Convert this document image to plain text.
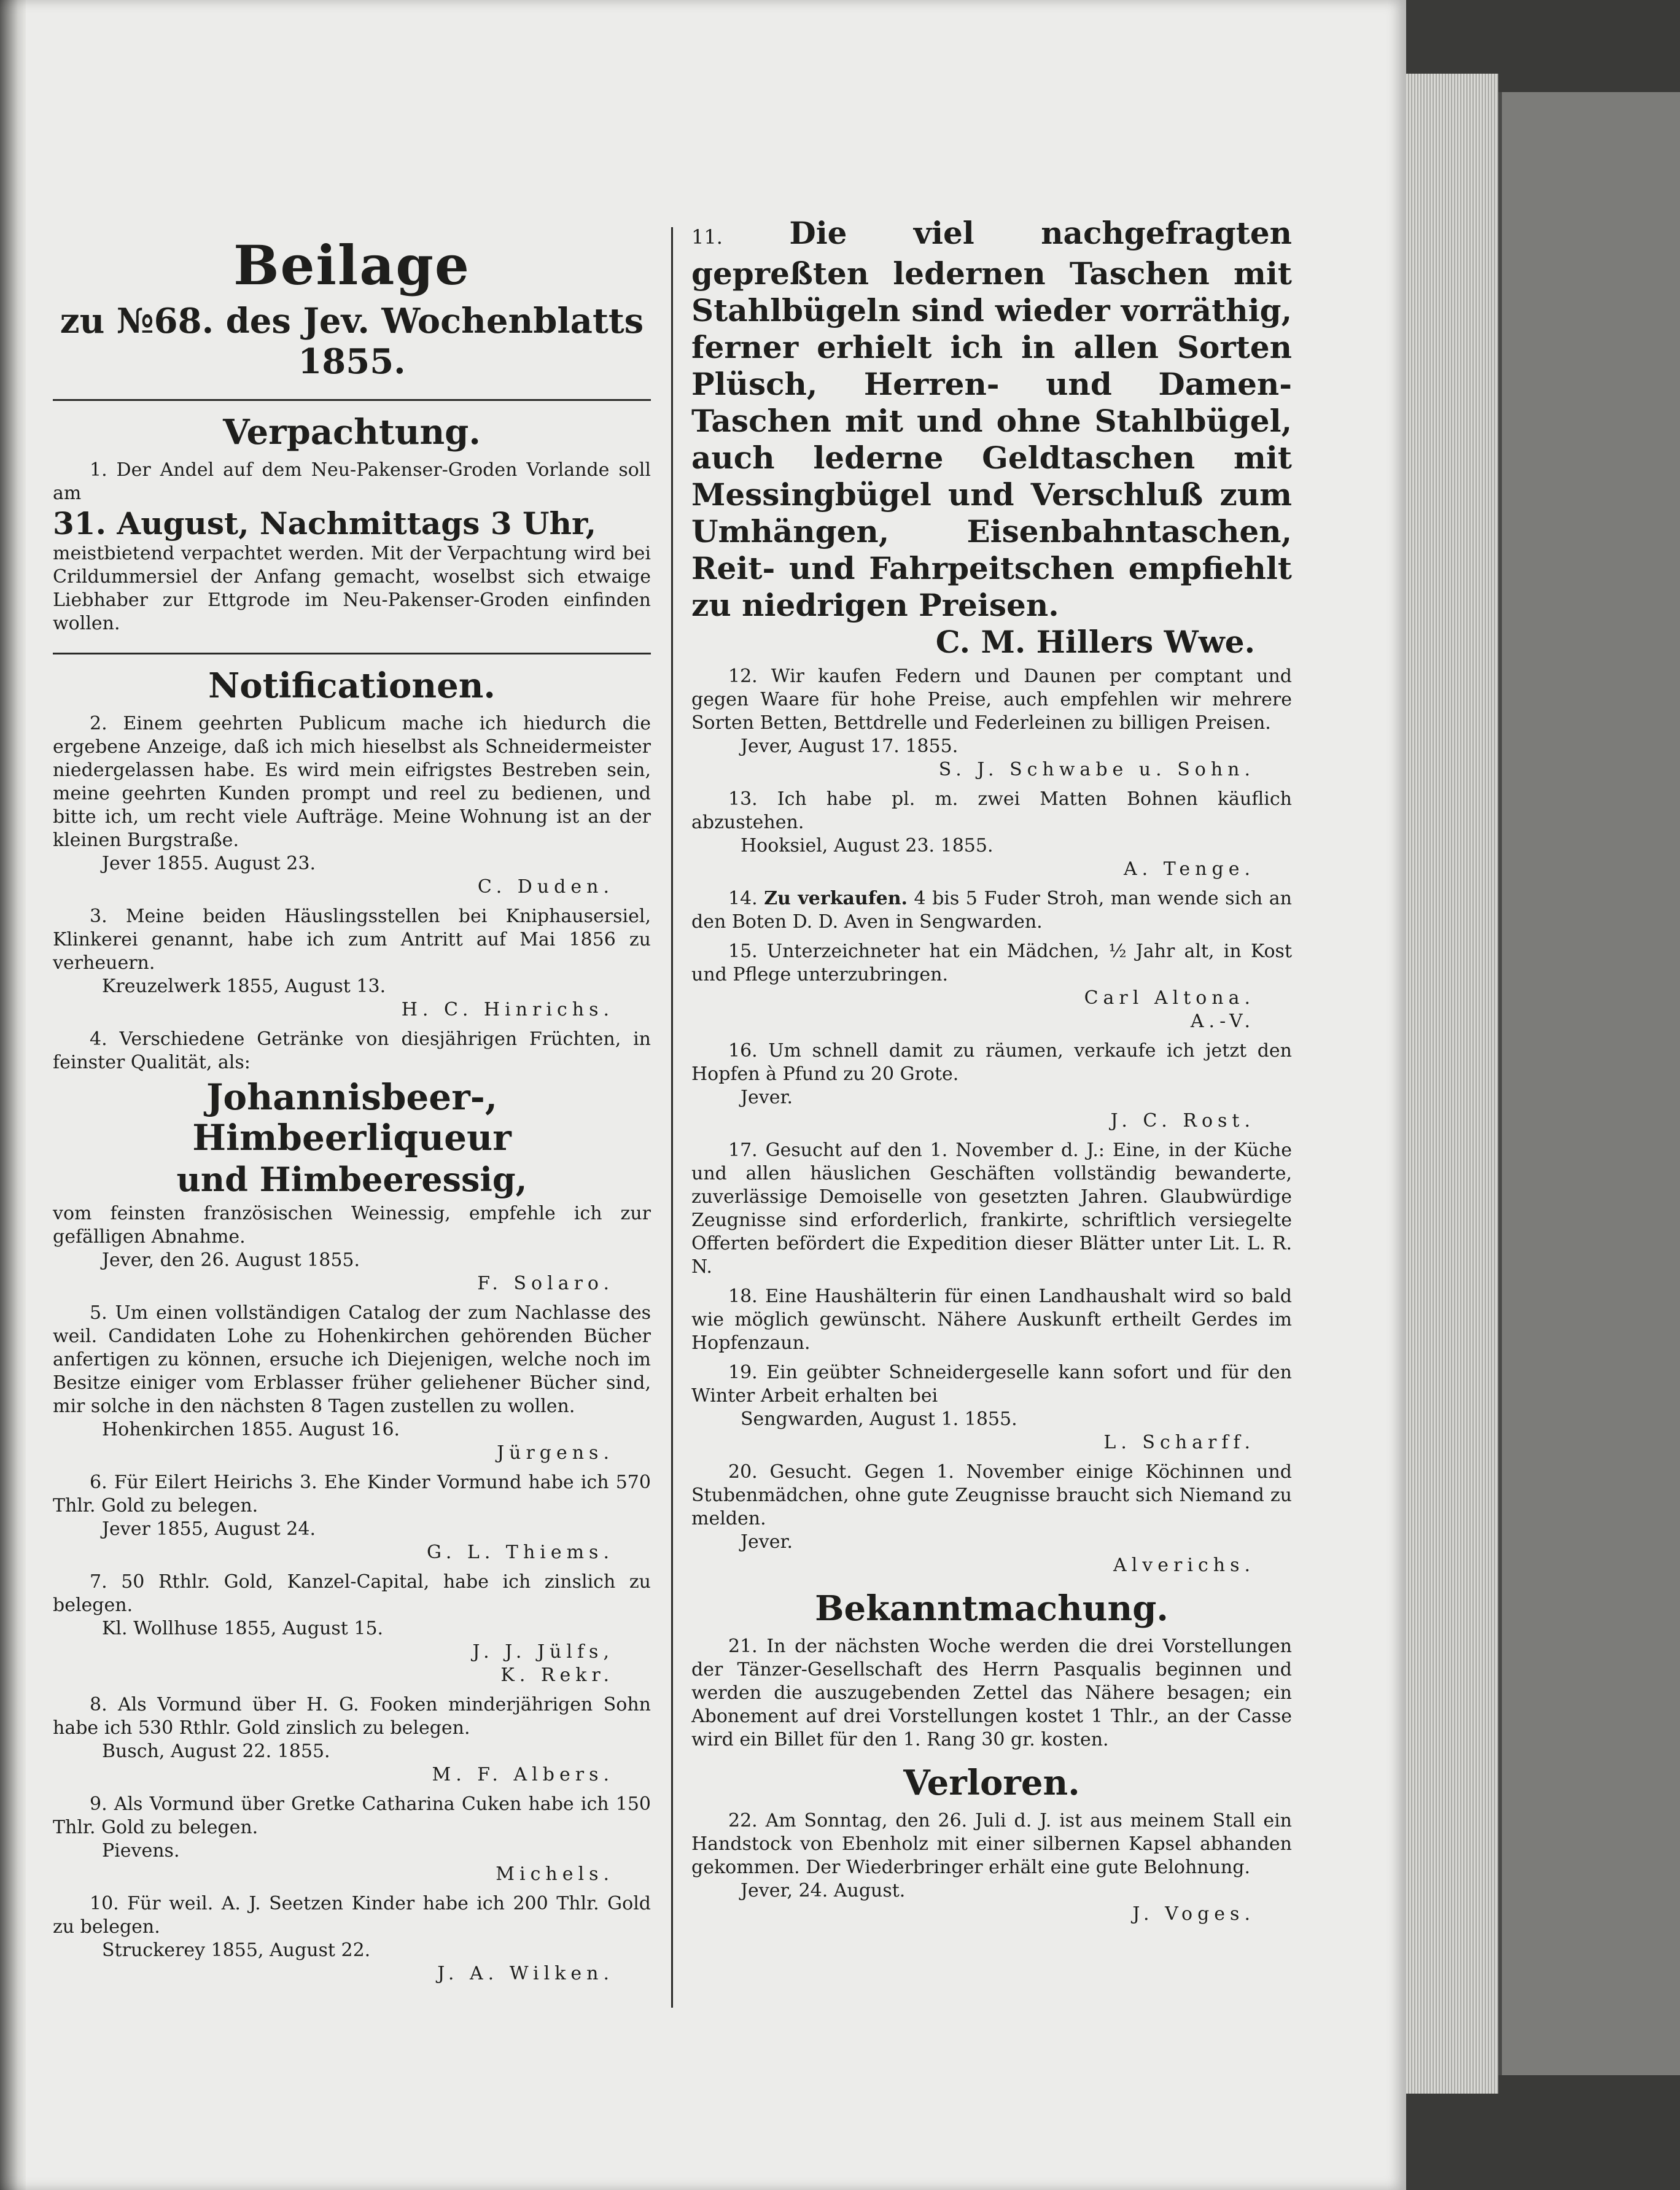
Beilage
zu №68. des Jev. Wochenblatts 1855.
Verpachtung.

1. Der Andel auf dem Neu-Pakenser-Groden Vorlande soll am

31. August, Nachmittags 3 Uhr,

meistbietend verpachtet werden. Mit der Verpachtung wird bei Crildummersiel der Anfang gemacht, woselbst sich etwaige Liebhaber zur Ettgrode im Neu-Pakenser-Groden einfinden wollen.

Notificationen.

2. Einem geehrten Publicum mache ich hiedurch die ergebene Anzeige, daß ich mich hieselbst als Schneidermeister niedergelassen habe. Es wird mein eifrigstes Bestreben sein, meine geehrten Kunden prompt und reel zu bedienen, und bitte ich, um recht viele Aufträge. Meine Wohnung ist an der kleinen Burgstraße.

Jever 1855. August 23.

C. Duden.

3. Meine beiden Häuslingsstellen bei Kniphausersiel, Klinkerei genannt, habe ich zum Antritt auf Mai 1856 zu verheuern.

Kreuzelwerk 1855, August 13.

H. C. Hinrichs.

4. Verschiedene Getränke von diesjährigen Früchten, in feinster Qualität, als:

Johannisbeer-, Himbeerliqueur

und Himbeeressig,

vom feinsten französischen Weinessig, empfehle ich zur gefälligen Abnahme.

Jever, den 26. August 1855.

F. Solaro.

5. Um einen vollständigen Catalog der zum Nachlasse des weil. Candidaten Lohe zu Hohenkirchen gehörenden Bücher anfertigen zu können, ersuche ich Diejenigen, welche noch im Besitze einiger vom Erblasser früher geliehener Bücher sind, mir solche in den nächsten 8 Tagen zustellen zu wollen.

Hohenkirchen 1855. August 16.

Jürgens.

6. Für Eilert Heirichs 3. Ehe Kinder Vormund habe ich 570 Thlr. Gold zu belegen.

Jever 1855, August 24.

G. L. Thiems.

7. 50 Rthlr. Gold, Kanzel-Capital, habe ich zinslich zu belegen.

Kl. Wollhuse 1855, August 15.

J. J. Jülfs,

K. Rekr.

8. Als Vormund über H. G. Fooken minderjährigen Sohn habe ich 530 Rthlr. Gold zinslich zu belegen.

Busch, August 22. 1855.

M. F. Albers.

9. Als Vormund über Gretke Catharina Cuken habe ich 150 Thlr. Gold zu belegen.

Pievens.

Michels.

10. Für weil. A. J. Seetzen Kinder habe ich 200 Thlr. Gold zu belegen.

Struckerey 1855, August 22.

J. A. Wilken.

11. Die viel nachgefragten gepreßten ledernen Taschen mit Stahlbügeln sind wieder vorräthig, ferner erhielt ich in allen Sorten Plüsch, Herren- und Damen-Taschen mit und ohne Stahlbügel, auch lederne Geldtaschen mit Messingbügel und Verschluß zum Umhängen, Eisenbahntaschen, Reit- und Fahrpeitschen empfiehlt zu niedrigen Preisen.

C. M. Hillers Wwe.

12. Wir kaufen Federn und Daunen per comptant und gegen Waare für hohe Preise, auch empfehlen wir mehrere Sorten Betten, Bettdrelle und Federleinen zu billigen Preisen.

Jever, August 17. 1855.

S. J. Schwabe u. Sohn.

13. Ich habe pl. m. zwei Matten Bohnen käuflich abzustehen.

Hooksiel, August 23. 1855.

A. Tenge.

14. Zu verkaufen. 4 bis 5 Fuder Stroh, man wende sich an den Boten D. D. Aven in Sengwarden.

15. Unterzeichneter hat ein Mädchen, ½ Jahr alt, in Kost und Pflege unterzubringen.

Carl Altona.

A.-V.

16. Um schnell damit zu räumen, verkaufe ich jetzt den Hopfen à Pfund zu 20 Grote.

Jever.

J. C. Rost.

17. Gesucht auf den 1. November d. J.: Eine, in der Küche und allen häuslichen Geschäften vollständig bewanderte, zuverlässige Demoiselle von gesetzten Jahren. Glaubwürdige Zeugnisse sind erforderlich, frankirte, schriftlich versiegelte Offerten befördert die Expedition dieser Blätter unter Lit. L. R. N.

18. Eine Haushälterin für einen Landhaushalt wird so bald wie möglich gewünscht. Nähere Auskunft ertheilt Gerdes im Hopfenzaun.

19. Ein geübter Schneidergeselle kann sofort und für den Winter Arbeit erhalten bei

Sengwarden, August 1. 1855.

L. Scharff.

20. Gesucht. Gegen 1. November einige Köchinnen und Stubenmädchen, ohne gute Zeugnisse braucht sich Niemand zu melden.

Jever.

Alverichs.

Bekanntmachung.

21. In der nächsten Woche werden die drei Vorstellungen der Tänzer-Gesellschaft des Herrn Pasqualis beginnen und werden die auszugebenden Zettel das Nähere besagen; ein Abonement auf drei Vorstellungen kostet 1 Thlr., an der Casse wird ein Billet für den 1. Rang 30 gr. kosten.

Verloren.

22. Am Sonntag, den 26. Juli d. J. ist aus meinem Stall ein Handstock von Ebenholz mit einer silbernen Kapsel abhanden gekommen. Der Wiederbringer erhält eine gute Belohnung.

Jever, 24. August.

J. Voges.
